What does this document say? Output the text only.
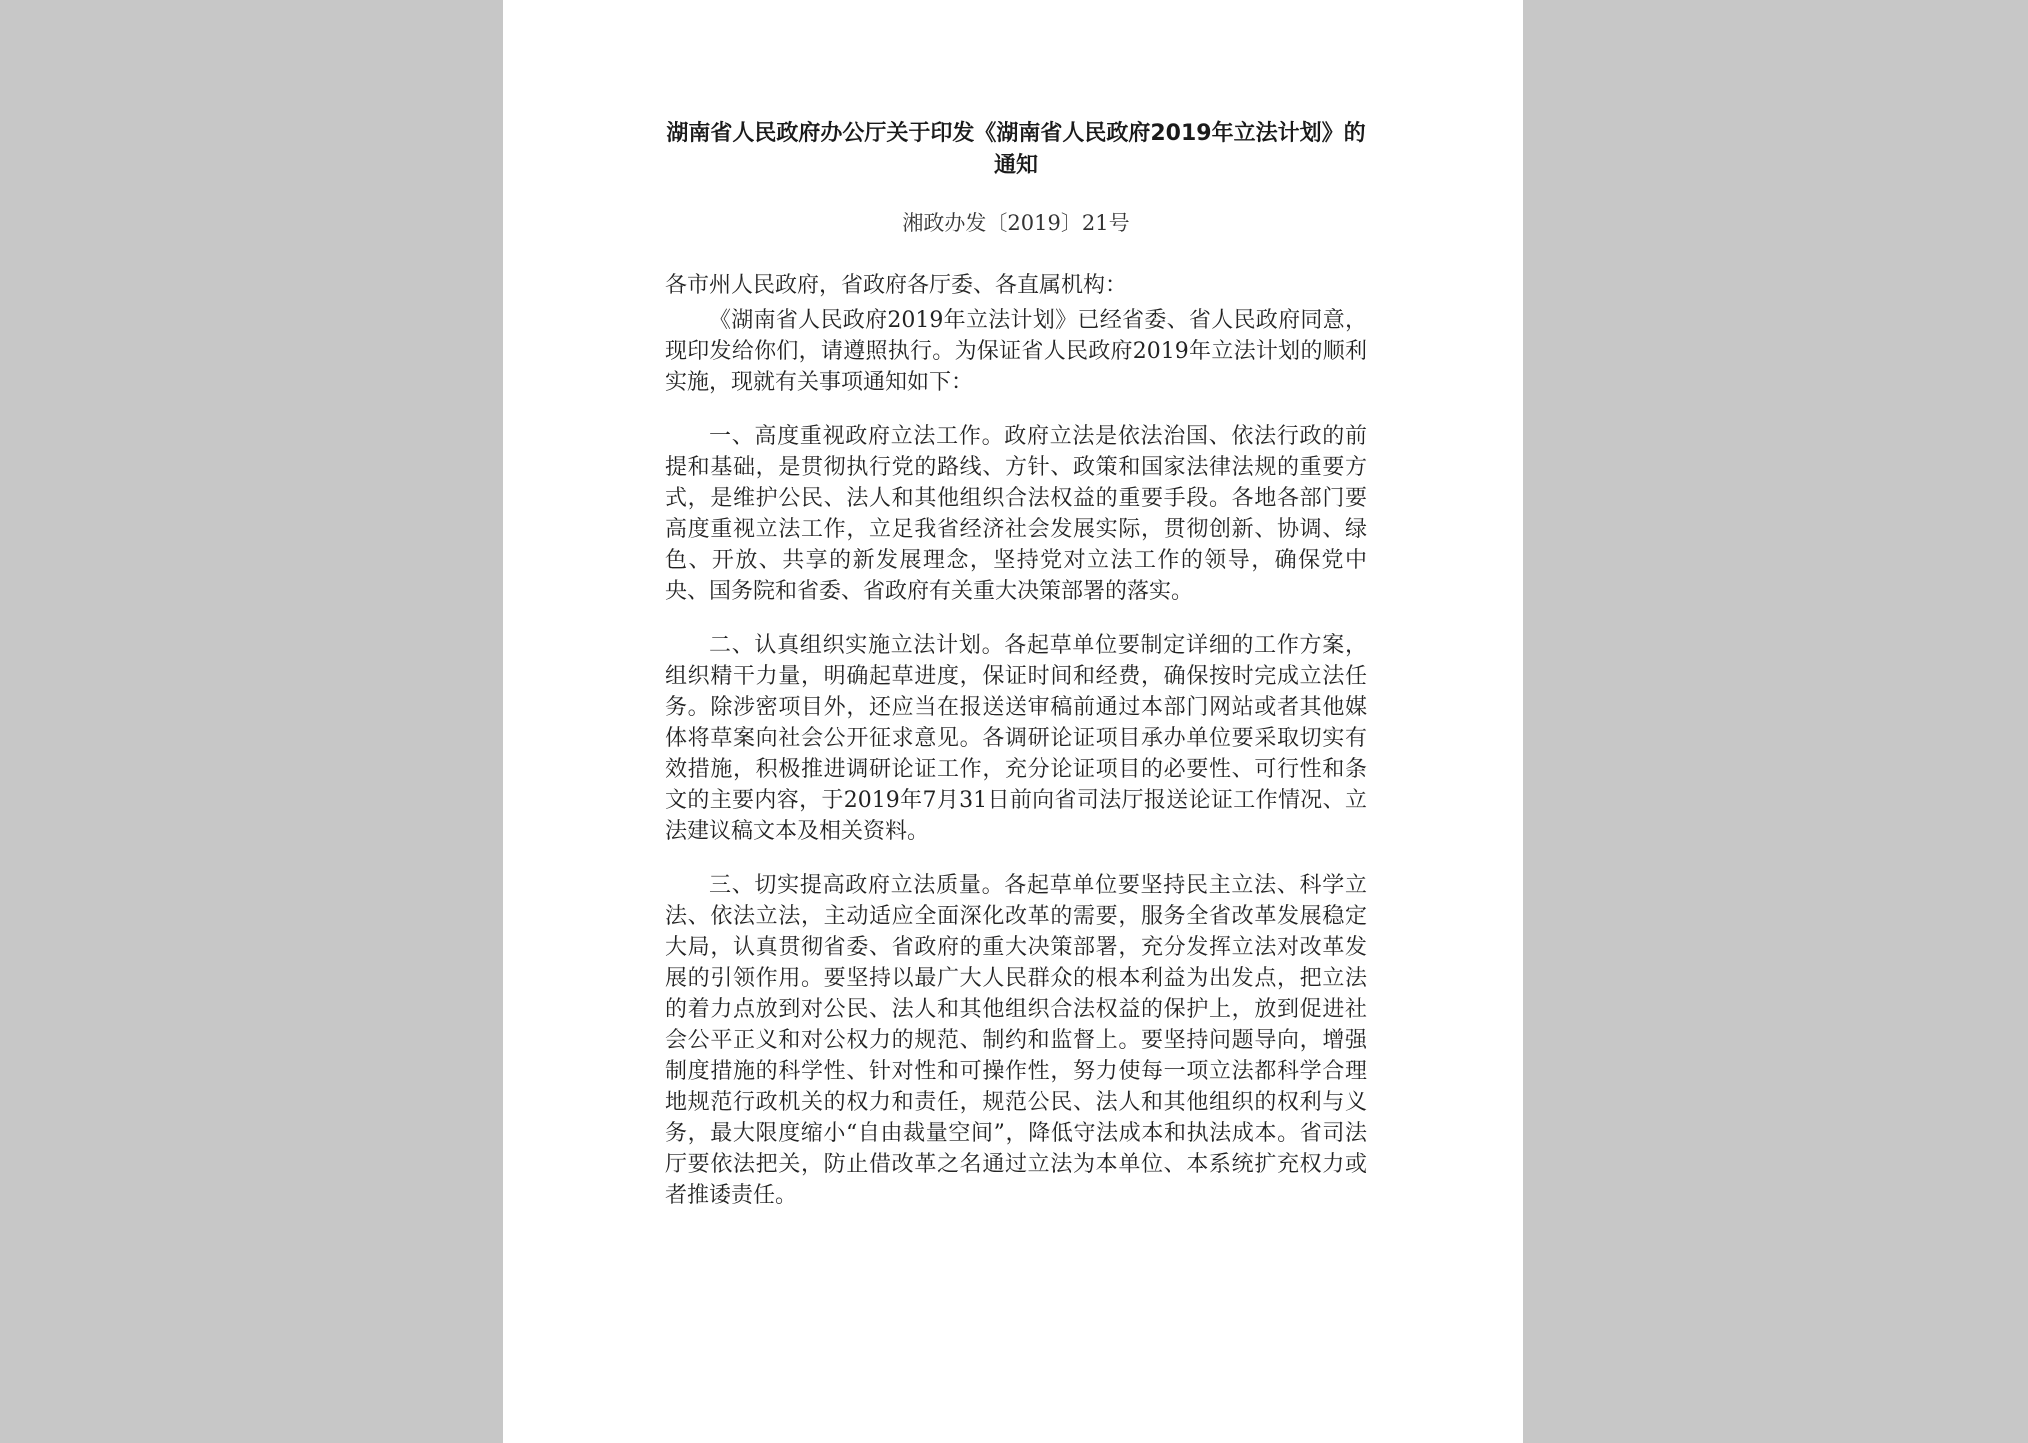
湖南省人民政府办公厅关于印发《湖南省人民政府2019年立法计划》的通知
湘政办发〔2019〕21号

各市州人民政府，省政府各厅委、各直属机构：

《湖南省人民政府2019年立法计划》已经省委、省人民政府同意，现印发给你们，请遵照执行。为保证省人民政府2019年立法计划的顺利实施，现就有关事项通知如下：

一、高度重视政府立法工作。政府立法是依法治国、依法行政的前提和基础，是贯彻执行党的路线、方针、政策和国家法律法规的重要方式，是维护公民、法人和其他组织合法权益的重要手段。各地各部门要高度重视立法工作，立足我省经济社会发展实际，贯彻创新、协调、绿色、开放、共享的新发展理念，坚持党对立法工作的领导，确保党中央、国务院和省委、省政府有关重大决策部署的落实。

二、认真组织实施立法计划。各起草单位要制定详细的工作方案，组织精干力量，明确起草进度，保证时间和经费，确保按时完成立法任务。除涉密项目外，还应当在报送送审稿前通过本部门网站或者其他媒体将草案向社会公开征求意见。各调研论证项目承办单位要采取切实有效措施，积极推进调研论证工作，充分论证项目的必要性、可行性和条文的主要内容，于2019年7月31日前向省司法厅报送论证工作情况、立法建议稿文本及相关资料。

三、切实提高政府立法质量。各起草单位要坚持民主立法、科学立法、依法立法，主动适应全面深化改革的需要，服务全省改革发展稳定大局，认真贯彻省委、省政府的重大决策部署，充分发挥立法对改革发展的引领作用。要坚持以最广大人民群众的根本利益为出发点，把立法的着力点放到对公民、法人和其他组织合法权益的保护上，放到促进社会公平正义和对公权力的规范、制约和监督上。要坚持问题导向，增强制度措施的科学性、针对性和可操作性，努力使每一项立法都科学合理地规范行政机关的权力和责任，规范公民、法人和其他组织的权利与义务，最大限度缩小“自由裁量空间”，降低守法成本和执法成本。省司法厅要依法把关，防止借改革之名通过立法为本单位、本系统扩充权力或者推诿责任。
